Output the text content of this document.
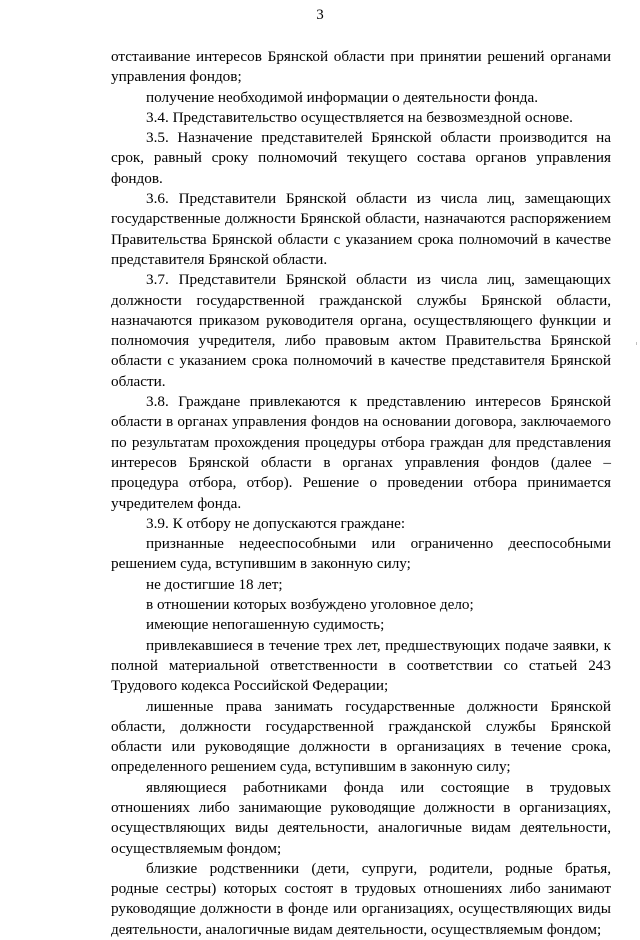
3

отстаивание интересов Брянской области при принятии решений органами управления фондов;

получение необходимой информации о деятельности фонда.

3.4. Представительство осуществляется на безвозмездной основе.

3.5. Назначение представителей Брянской области производится на срок, равный сроку полномочий текущего состава органов управления фондов.

3.6. Представители Брянской области из числа лиц, замещающих государственные должности Брянской области, назначаются распоряжением Правительства Брянской области с указанием срока полномочий в качестве представителя Брянской области.

3.7. Представители Брянской области из числа лиц, замещающих должности государственной гражданской службы Брянской области, назначаются приказом руководителя органа, осуществляющего функции и полномочия учредителя, либо правовым актом Правительства Брянской области с указанием срока полномочий в качестве представителя Брянской области.

3.8. Граждане привлекаются к представлению интересов Брянской области в органах управления фондов на основании договора, заключаемого по результатам прохождения процедуры отбора граждан для представления интересов Брянской области в органах управления фондов (далее – процедура отбора, отбор). Решение о проведении отбора принимается учредителем фонда.

3.9. К отбору не допускаются граждане:

признанные недееспособными или ограниченно дееспособными решением суда, вступившим в законную силу;

не достигшие 18 лет;

в отношении которых возбуждено уголовное дело;

имеющие непогашенную судимость;

привлекавшиеся в течение трех лет, предшествующих подаче заявки, к полной материальной ответственности в соответствии со статьей 243 Трудового кодекса Российской Федерации;

лишенные права занимать государственные должности Брянской области, должности государственной гражданской службы Брянской области или руководящие должности в организациях в течение срока, определенного решением суда, вступившим в законную силу;

являющиеся работниками фонда или состоящие в трудовых отношениях либо занимающие руководящие должности в организациях, осуществляющих виды деятельности, аналогичные видам деятельности, осуществляемым фондом;

близкие родственники (дети, супруги, родители, родные братья, родные сестры) которых состоят в трудовых отношениях либо занимают руководящие должности в фонде или организациях, осуществляющих виды деятельности, аналогичные видам деятельности, осуществляемым фондом;
